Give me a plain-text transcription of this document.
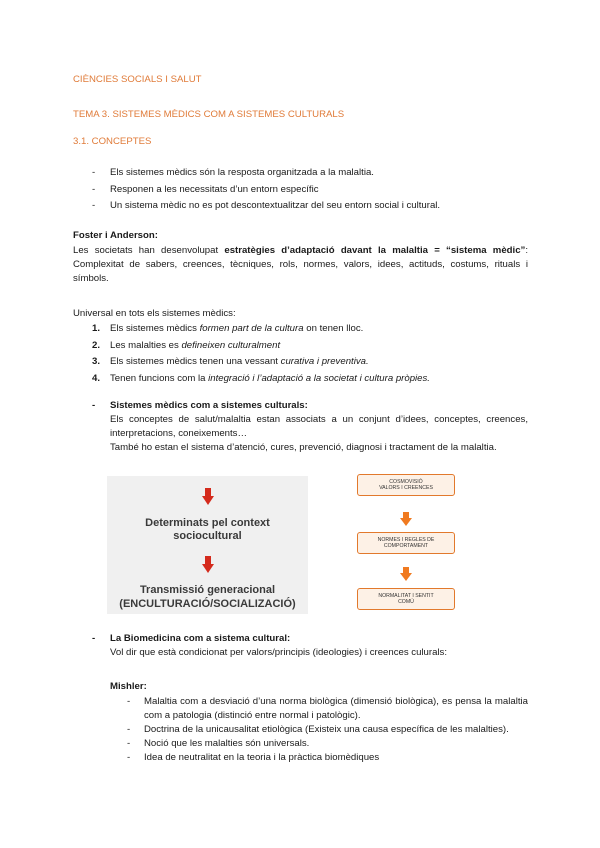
CIÈNCIES SOCIALS I SALUT
TEMA 3. SISTEMES MÈDICS COM A SISTEMES CULTURALS
3.1. CONCEPTES
-	Els sistemes mèdics són la resposta organitzada a la malaltia.
-	Responen a les necessitats d’un entorn específic
-	Un sistema mèdic no es pot descontextualitzar del seu entorn social i cultural.
Foster i Anderson:
Les societats han desenvolupat estratègies d’adaptació davant la malaltia = “sistema mèdic”: Complexitat de sabers, creences, tècniques, rols, normes, valors, idees, actituds, costums, rituals i símbols.
Universal en tots els sistemes mèdics:
1.	Els sistemes mèdics formen part de la cultura on tenen lloc.
2.	Les malalties es defineixen culturalment
3.	Els sistemes mèdics tenen una vessant curativa i preventiva.
4.	Tenen funcions com la integració i l’adaptació a la societat i cultura pròpies.
-	Sistemes mèdics com a sistemes culturals:
Els conceptes de salut/malaltia estan associats a un conjunt d’idees, conceptes, creences, interpretacions, coneixements…
També ho estan el sistema d’atenció, cures, prevenció, diagnosi i tractament de la malaltia.
Determinats pel context
sociocultural
Transmissió generacional
(ENCULTURACIÓ/SOCIALIZACIÓ)
COSMOVISIÓ
VALORS I CREENCES
NORMES I REGLES DE
COMPORTAMENT
NORMALITAT I SENTIT
COMÚ
-	La Biomedicina com a sistema cultural:
Vol dir que està condicionat per valors/principis (ideologies) i creences culurals:
Mishler:
-	Malaltia com a desviació d’una norma biològica (dimensió biològica), es pensa la malaltia com a patologia (distinció entre normal i patològic).
-	Doctrina de la unicausalitat etiològica (Existeix una causa específica de les malalties).
-	Noció que les malalties són universals.
-	Idea de neutralitat en la teoria i la pràctica biomèdiques
